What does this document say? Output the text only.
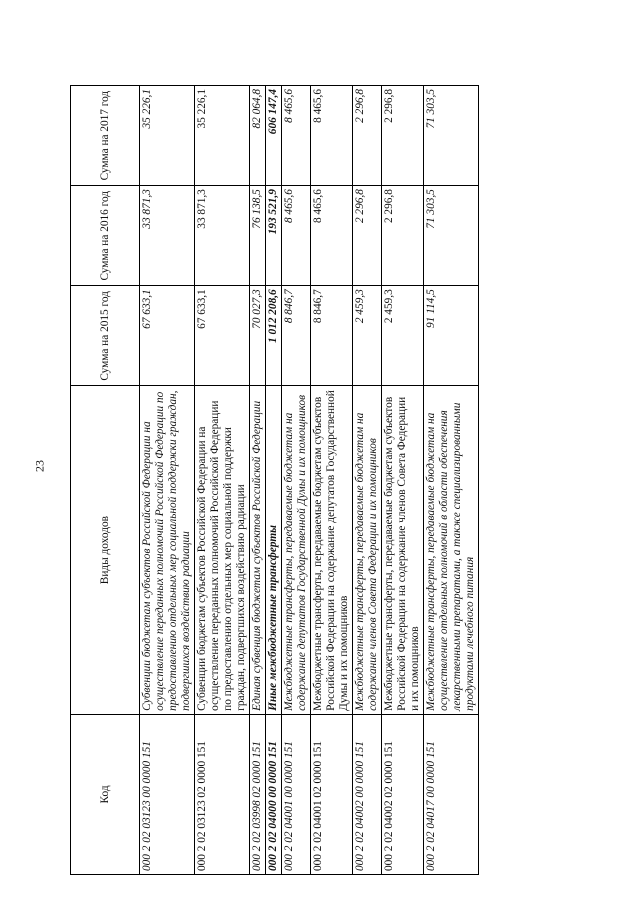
23
Код	Виды доходов	Сумма на 2015 год	Сумма на 2016 год	Сумма на 2017 год
000 2 02 03123 00 0000 151	Субвенции бюджетам субъектов Российской Федерации на осуществление переданных полномочий Российской Федерации по предоставлению отдельных мер социальной поддержки граждан, подвергшихся воздействию радиации	67 633,1	33 871,3	35 226,1
000 2 02 03123 02 0000 151	Субвенции бюджетам субъектов Российской Федерации на осуществление переданных полномочий Российской Федерации по предоставлению отдельных мер социальной поддержки граждан, подвергшихся воздействию радиации	67 633,1	33 871,3	35 226,1
000 2 02 03998 02 0000 151	Единая субвенция бюджетам субъектов Российской Федерации	70 027,3	76 138,5	82 064,8
000 2 02 04000 00 0000 151	Иные межбюджетные трансферты	1 012 208,6	193 521,9	606 147,4
000 2 02 04001 00 0000 151	Межбюджетные трансферты, передаваемые бюджетам на содержание депутатов Государственной Думы и их помощников	8 846,7	8 465,6	8 465,6
000 2 02 04001 02 0000 151	Межбюджетные трансферты, передаваемые бюджетам субъектов Российской Федерации на содержание депутатов Государственной Думы и их помощников	8 846,7	8 465,6	8 465,6
000 2 02 04002 00 0000 151	Межбюджетные трансферты, передаваемые бюджетам на содержание членов Совета Федерации и их помощников	2 459,3	2 296,8	2 296,8
000 2 02 04002 02 0000 151	Межбюджетные трансферты, передаваемые бюджетам субъектов Российской Федерации на содержание членов Совета Федерации и их помощников	2 459,3	2 296,8	2 296,8
000 2 02 04017 00 0000 151	Межбюджетные трансферты, передаваемые бюджетам на осуществление отдельных полномочий в области обеспечения лекарственными препаратами, а также специализированными продуктами лечебного питания	91 114,5	71 303,5	71 303,5
